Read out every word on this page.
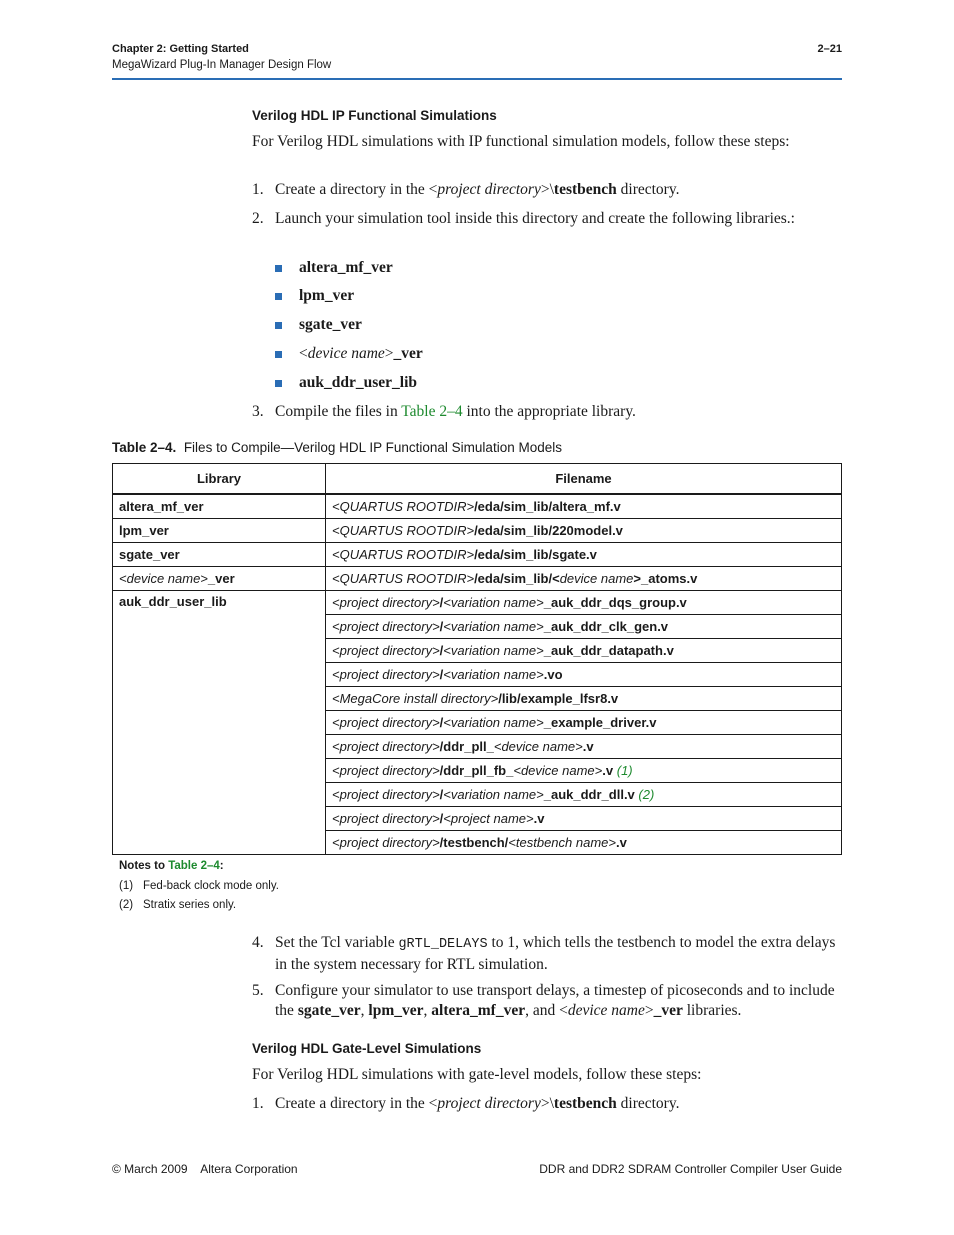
Chapter 2: Getting Started
MegaWizard Plug-In Manager Design Flow
2–21
Verilog HDL IP Functional Simulations
For Verilog HDL simulations with IP functional simulation models, follow these steps:
1. Create a directory in the <project directory>\testbench directory.
2. Launch your simulation tool inside this directory and create the following libraries.:
altera_mf_ver
lpm_ver
sgate_ver
<device name>_ver
auk_ddr_user_lib
3. Compile the files in Table 2–4 into the appropriate library.
Table 2–4. Files to Compile—Verilog HDL IP Functional Simulation Models
Library	Filename
altera_mf_ver	<QUARTUS ROOTDIR>/eda/sim_lib/altera_mf.v
lpm_ver	<QUARTUS ROOTDIR>/eda/sim_lib/220model.v
sgate_ver	<QUARTUS ROOTDIR>/eda/sim_lib/sgate.v
<device name>_ver	<QUARTUS ROOTDIR>/eda/sim_lib/<device name>_atoms.v
auk_ddr_user_lib	<project directory>/<variation name>_auk_ddr_dqs_group.v
	<project directory>/<variation name>_auk_ddr_clk_gen.v
	<project directory>/<variation name>_auk_ddr_datapath.v
	<project directory>/<variation name>.vo
	<MegaCore install directory>/lib/example_lfsr8.v
	<project directory>/<variation name>_example_driver.v
	<project directory>/ddr_pll_<device name>.v
	<project directory>/ddr_pll_fb_<device name>.v (1)
	<project directory>/<variation name>_auk_ddr_dll.v (2)
	<project directory>/<project name>.v
	<project directory>/testbench/<testbench name>.v
Notes to Table 2–4:
(1) Fed-back clock mode only.
(2) Stratix series only.
4. Set the Tcl variable gRTL_DELAYS to 1, which tells the testbench to model the extra delays in the system necessary for RTL simulation.
5. Configure your simulator to use transport delays, a timestep of picoseconds and to include the sgate_ver, lpm_ver, altera_mf_ver, and <device name>_ver libraries.
Verilog HDL Gate-Level Simulations
For Verilog HDL simulations with gate-level models, follow these steps:
1. Create a directory in the <project directory>\testbench directory.
© March 2009    Altera Corporation	DDR and DDR2 SDRAM Controller Compiler User Guide
